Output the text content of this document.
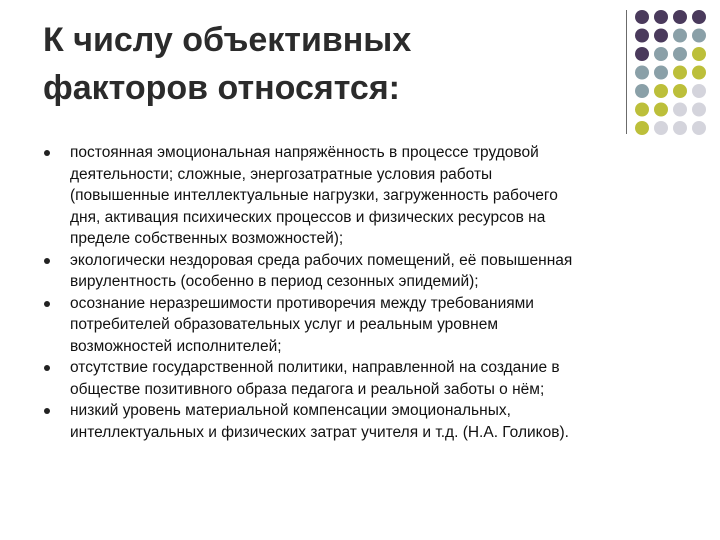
К числу объективных
факторов относятся:
постоянная эмоциональная напряжённость в процессе трудовой
деятельности; сложные, энергозатратные условия работы
(повышенные интеллектуальные нагрузки, загруженность рабочего
дня, активация психических процессов и физических ресурсов на
пределе собственных возможностей);
экологически нездоровая среда рабочих помещений, её повышенная
вирулентность (особенно в период сезонных эпидемий);
осознание неразрешимости противоречия между требованиями
потребителей образовательных услуг и реальным уровнем
возможностей исполнителей;
отсутствие государственной политики, направленной на создание в
обществе позитивного образа педагога и реальной заботы о нём;
низкий уровень материальной компенсации эмоциональных,
интеллектуальных и физических затрат учителя и т.д. (Н.А. Голиков).
